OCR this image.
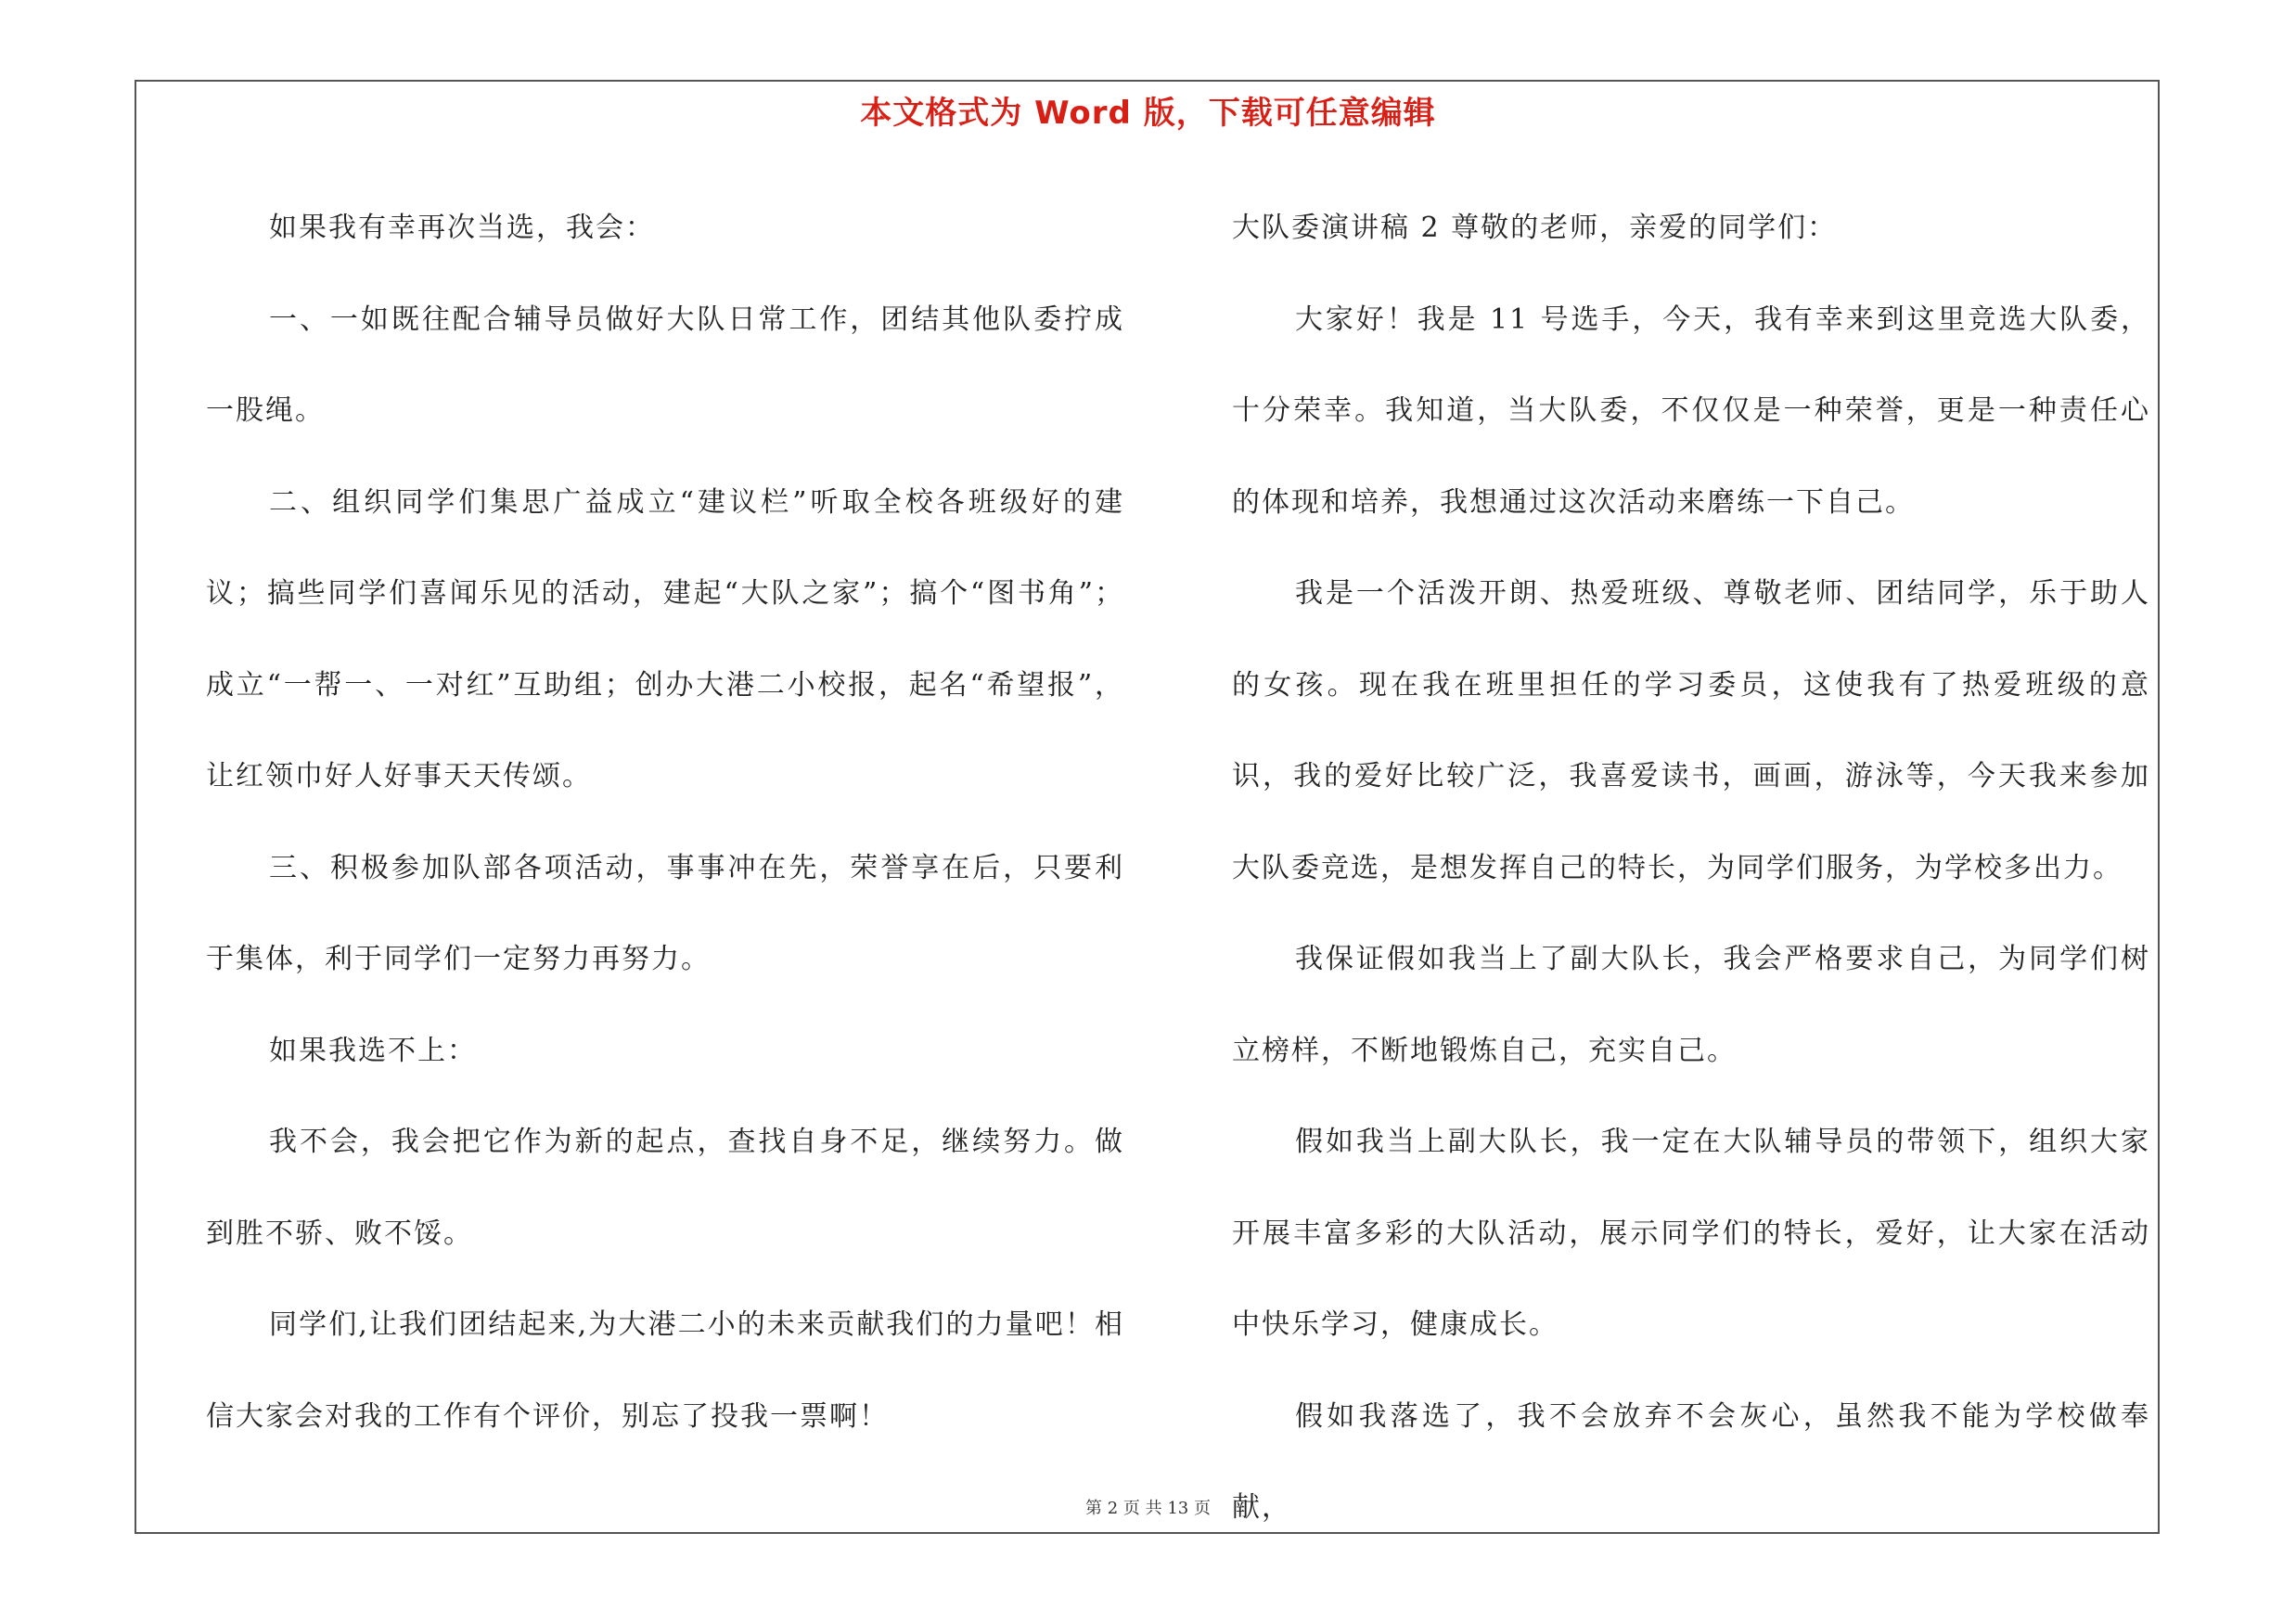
本文格式为 Word 版，下载可任意编辑

如果我有幸再次当选，我会：

一、一如既往配合辅导员做好大队日常工作，团结其他队委拧成一股绳。

二、组织同学们集思广益成立“建议栏”听取全校各班级好的建议；搞些同学们喜闻乐见的活动，建起“大队之家”；搞个“图书角”；成立“一帮一、一对红”互助组；创办大港二小校报，起名“希望报”，让红领巾好人好事天天传颂。

三、积极参加队部各项活动，事事冲在先，荣誉享在后，只要利于集体，利于同学们一定努力再努力。

如果我选不上：

我不会，我会把它作为新的起点，查找自身不足，继续努力。做到胜不骄、败不馁。

同学们,让我们团结起来,为大港二小的未来贡献我们的力量吧！相信大家会对我的工作有个评价，别忘了投我一票啊！

大队委演讲稿 2 尊敬的老师，亲爱的同学们：

大家好！我是 11 号选手，今天，我有幸来到这里竞选大队委，十分荣幸。我知道，当大队委，不仅仅是一种荣誉，更是一种责任心的体现和培养，我想通过这次活动来磨练一下自己。

我是一个活泼开朗、热爱班级、尊敬老师、团结同学，乐于助人的女孩。现在我在班里担任的学习委员，这使我有了热爱班级的意识，我的爱好比较广泛，我喜爱读书，画画，游泳等，今天我来参加大队委竞选，是想发挥自己的特长，为同学们服务，为学校多出力。

我保证假如我当上了副大队长，我会严格要求自己，为同学们树立榜样，不断地锻炼自己，充实自己。

假如我当上副大队长，我一定在大队辅导员的带领下，组织大家开展丰富多彩的大队活动，展示同学们的特长，爱好，让大家在活动中快乐学习，健康成长。

假如我落选了，我不会放弃不会灰心，虽然我不能为学校做奉献，

第 2 页 共 13 页
